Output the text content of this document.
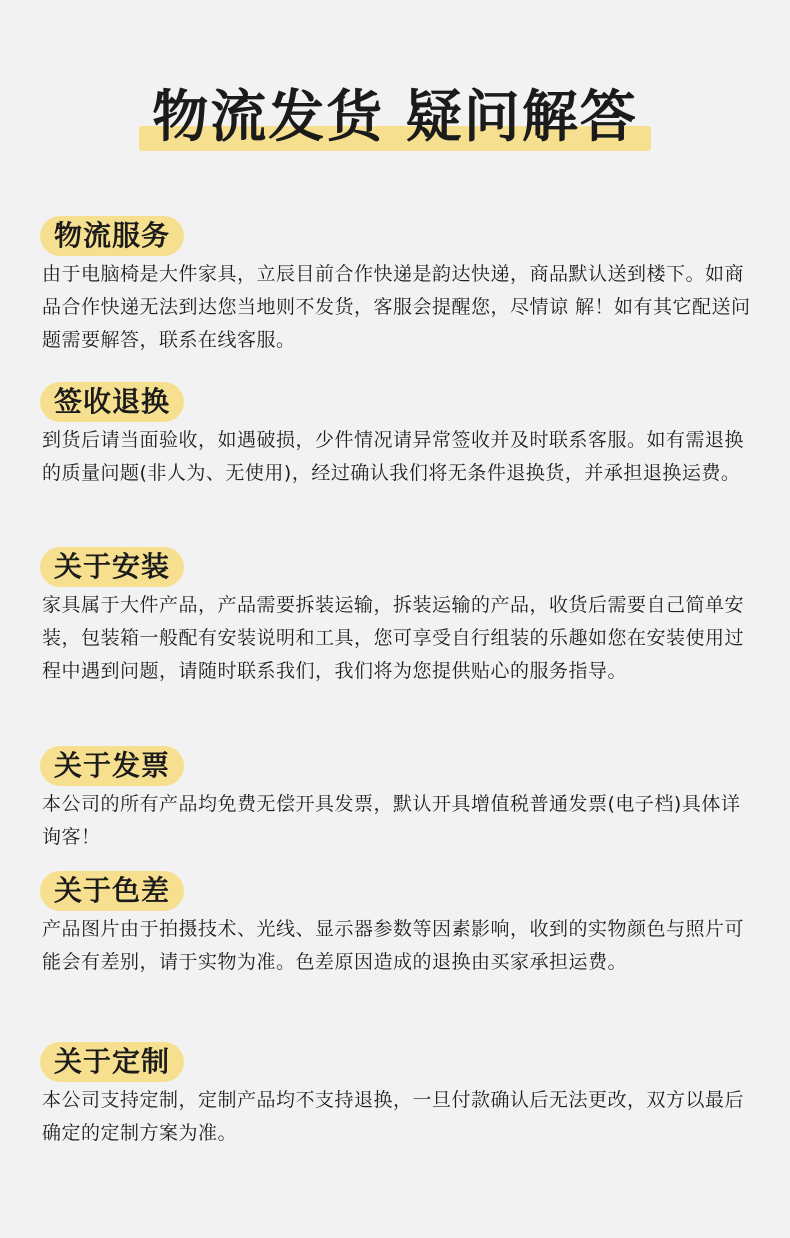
物流发货 疑问解答
物流服务
由于电脑椅是大件家具，立辰目前合作快递是韵达快递，商品默认送到楼下。如商品合作快递无法到达您当地则不发货，客服会提醒您，尽情谅 解！如有其它配送问题需要解答，联系在线客服。
签收退换
到货后请当面验收，如遇破损，少件情况请异常签收并及时联系客服。如有需退换的质量问题(非人为、无使用)，经过确认我们将无条件退换货，并承担退换运费。
关于安装
家具属于大件产品，产品需要拆装运输，拆装运输的产品，收货后需要自己简单安装，包装箱一般配有安装说明和工具，您可享受自行组装的乐趣如您在安装使用过程中遇到问题，请随时联系我们，我们将为您提供贴心的服务指导。
关于发票
本公司的所有产品均免费无偿开具发票，默认开具增值税普通发票(电子档)具体详询客！
关于色差
产品图片由于拍摄技术、光线、显示器参数等因素影响，收到的实物颜色与照片可能会有差别，请于实物为准。色差原因造成的退换由买家承担运费。
关于定制
本公司支持定制，定制产品均不支持退换，一旦付款确认后无法更改，双方以最后确定的定制方案为准。
